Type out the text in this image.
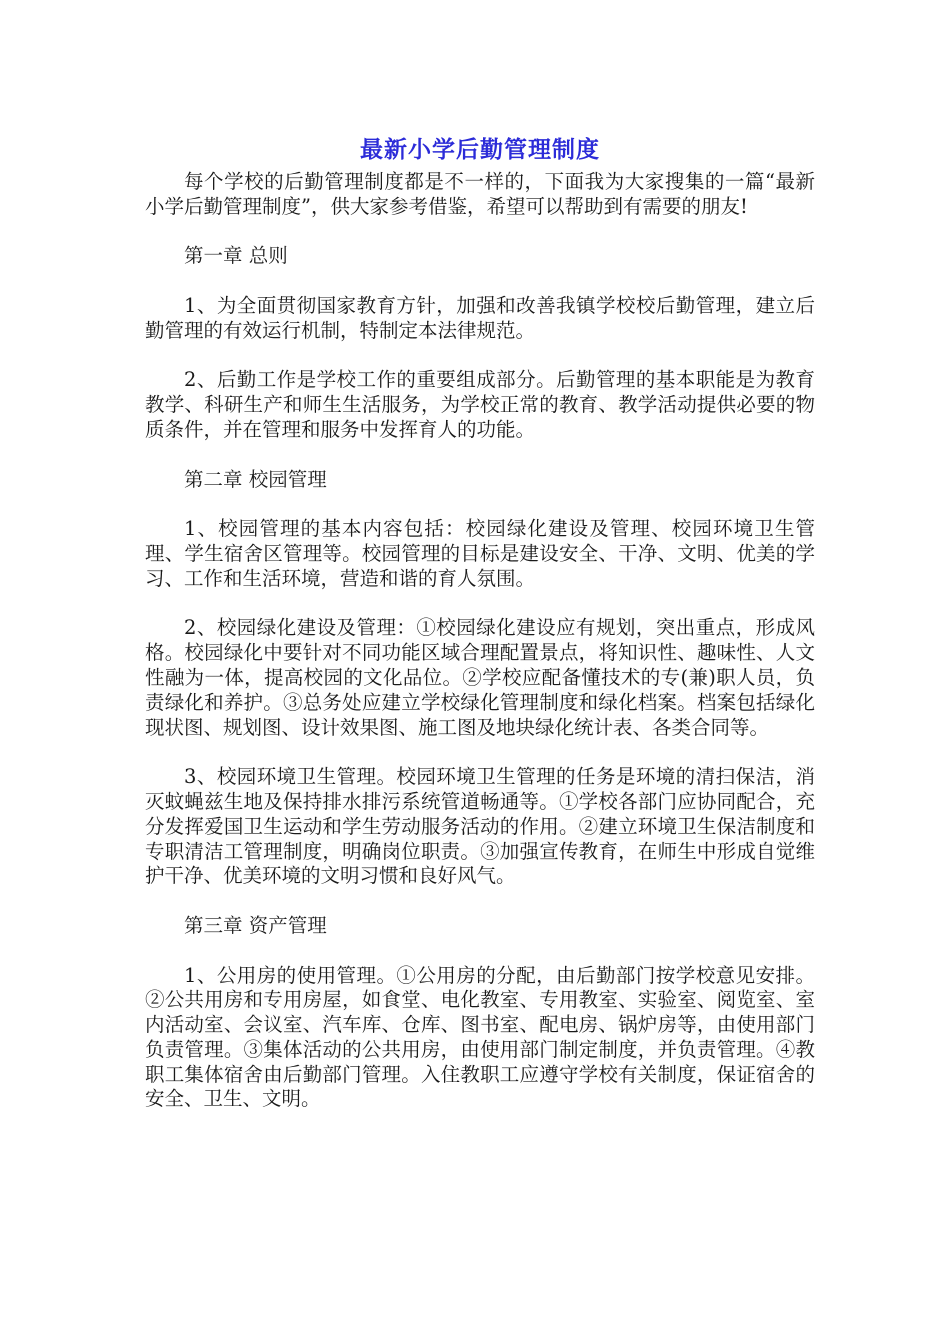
最新小学后勤管理制度

每个学校的后勤管理制度都是不一样的，下面我为大家搜集的一篇“最新小学后勤管理制度”，供大家参考借鉴，希望可以帮助到有需要的朋友!

第一章 总则

1、为全面贯彻国家教育方针，加强和改善我镇学校校后勤管理，建立后勤管理的有效运行机制，特制定本法律规范。

2、后勤工作是学校工作的重要组成部分。后勤管理的基本职能是为教育教学、科研生产和师生生活服务，为学校正常的教育、教学活动提供必要的物质条件，并在管理和服务中发挥育人的功能。

第二章 校园管理

1、校园管理的基本内容包括：校园绿化建设及管理、校园环境卫生管理、学生宿舍区管理等。校园管理的目标是建设安全、干净、文明、优美的学习、工作和生活环境，营造和谐的育人氛围。

2、校园绿化建设及管理：①校园绿化建设应有规划，突出重点，形成风格。校园绿化中要针对不同功能区域合理配置景点，将知识性、趣味性、人文性融为一体，提高校园的文化品位。②学校应配备懂技术的专(兼)职人员，负责绿化和养护。③总务处应建立学校绿化管理制度和绿化档案。档案包括绿化现状图、规划图、设计效果图、施工图及地块绿化统计表、各类合同等。

3、校园环境卫生管理。校园环境卫生管理的任务是环境的清扫保洁，消灭蚊蝇兹生地及保持排水排污系统管道畅通等。①学校各部门应协同配合，充分发挥爱国卫生运动和学生劳动服务活动的作用。②建立环境卫生保洁制度和专职清洁工管理制度，明确岗位职责。③加强宣传教育，在师生中形成自觉维护干净、优美环境的文明习惯和良好风气。

第三章 资产管理

1、公用房的使用管理。①公用房的分配，由后勤部门按学校意见安排。②公共用房和专用房屋，如食堂、电化教室、专用教室、实验室、阅览室、室内活动室、会议室、汽车库、仓库、图书室、配电房、锅炉房等，由使用部门负责管理。③集体活动的公共用房，由使用部门制定制度，并负责管理。④教职工集体宿舍由后勤部门管理。入住教职工应遵守学校有关制度，保证宿舍的安全、卫生、文明。
